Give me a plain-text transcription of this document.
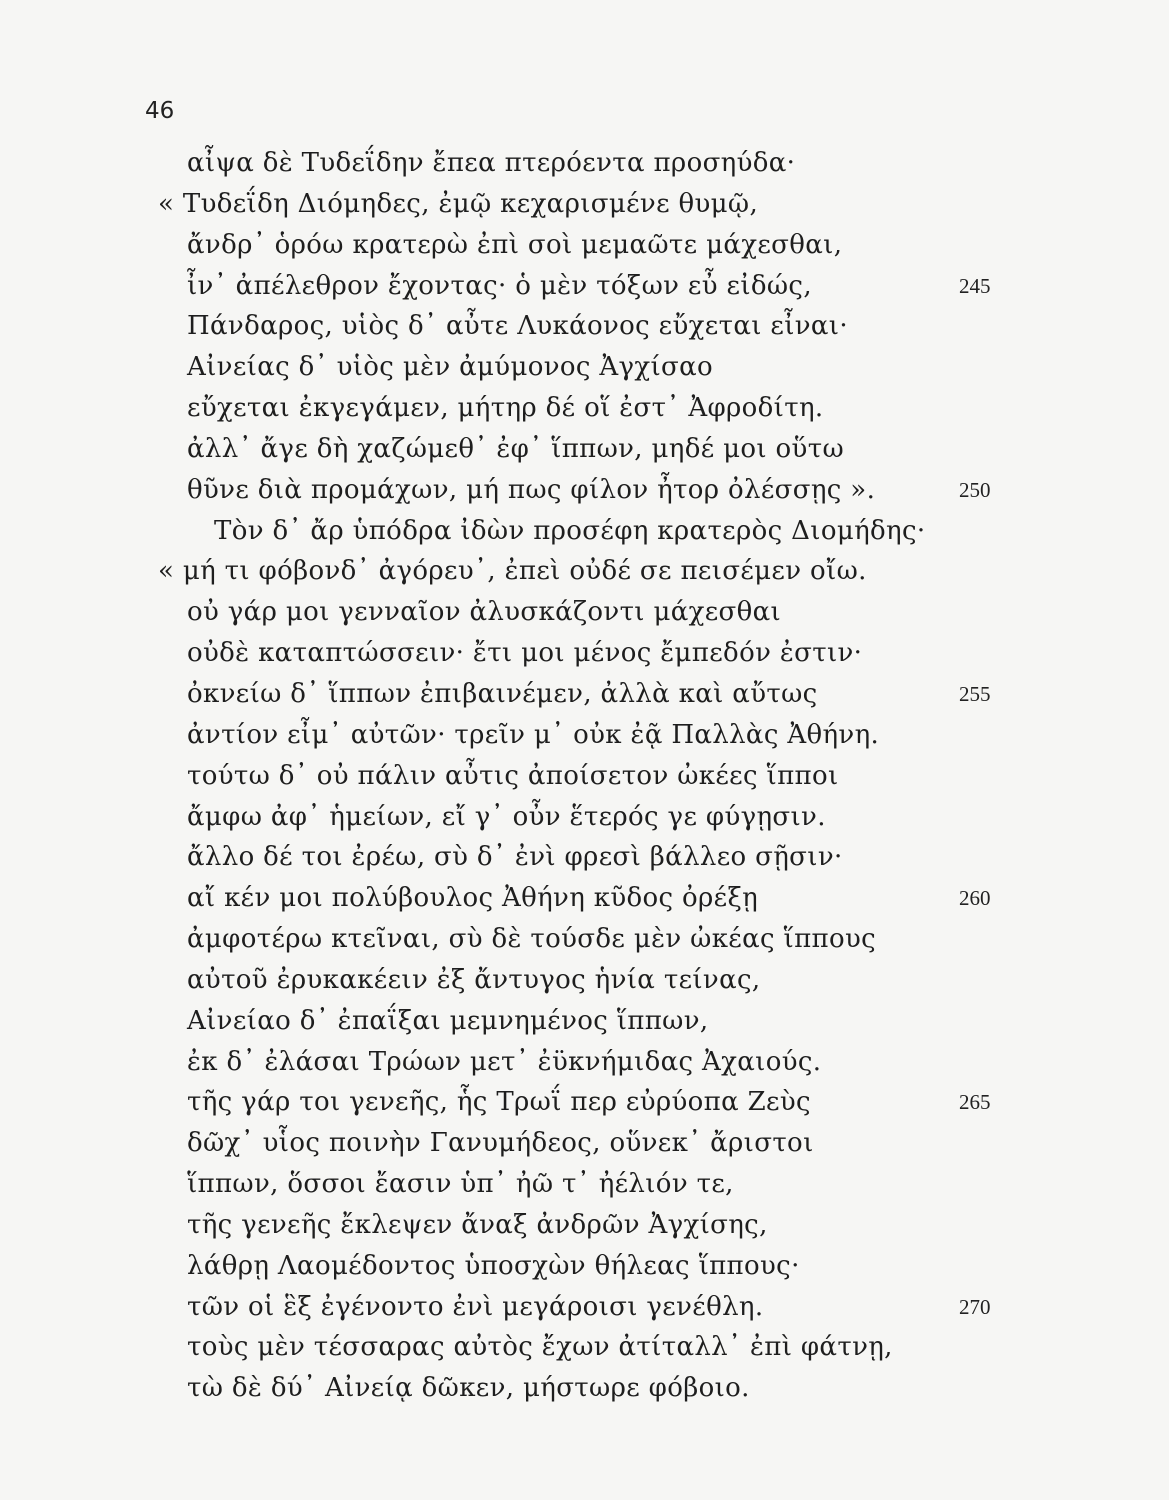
46
αἶψα δὲ Τυδεΐδην ἔπεα πτερόεντα προσηύδα·
« Τυδεΐδη Διόμηδες, ἐμῷ κεχαρισμένε θυμῷ,
ἄνδρ᾽ ὁρόω κρατερὼ ἐπὶ σοὶ μεμαῶτε μάχεσθαι,
ἶν᾽ ἀπέλεθρον ἔχοντας· ὁ μὲν τόξων εὖ εἰδώς,	245
Πάνδαρος, υἱὸς δ᾽ αὖτε Λυκάονος εὔχεται εἶναι·
Αἰνείας δ᾽ υἱὸς μὲν ἀμύμονος Ἀγχίσαο
εὔχεται ἐκγεγάμεν, μήτηρ δέ οἵ ἐστ᾽ Ἀφροδίτη.
ἀλλ᾽ ἄγε δὴ χαζώμεθ᾽ ἐφ᾽ ἵππων, μηδέ μοι οὕτω
θῦνε διὰ προμάχων, μή πως φίλον ἦτορ ὀλέσσῃς ».	250
Τὸν δ᾽ ἄρ ὑπόδρα ἰδὼν προσέφη κρατερὸς Διομήδης·
« μή τι φόβονδ᾽ ἀγόρευ᾽, ἐπεὶ οὐδέ σε πεισέμεν οἴω.
οὐ γάρ μοι γενναῖον ἀλυσκάζοντι μάχεσθαι
οὐδὲ καταπτώσσειν· ἔτι μοι μένος ἔμπεδόν ἐστιν·
ὀκνείω δ᾽ ἵππων ἐπιβαινέμεν, ἀλλὰ καὶ αὔτως	255
ἀντίον εἶμ᾽ αὐτῶν· τρεῖν μ᾽ οὐκ ἐᾷ Παλλὰς Ἀθήνη.
τούτω δ᾽ οὐ πάλιν αὖτις ἀποίσετον ὠκέες ἵπποι
ἄμφω ἀφ᾽ ἡμείων, εἴ γ᾽ οὖν ἕτερός γε φύγῃσιν.
ἄλλο δέ τοι ἐρέω, σὺ δ᾽ ἐνὶ φρεσὶ βάλλεο σῇσιν·
αἴ κέν μοι πολύβουλος Ἀθήνη κῦδος ὀρέξῃ	260
ἀμφοτέρω κτεῖναι, σὺ δὲ τούσδε μὲν ὠκέας ἵππους
αὐτοῦ ἐρυκακέειν ἐξ ἄντυγος ἡνία τείνας,
Αἰνείαο δ᾽ ἐπαΐξαι μεμνημένος ἵππων,
ἐκ δ᾽ ἐλάσαι Τρώων μετ᾽ ἐϋκνήμιδας Ἀχαιούς.
τῆς γάρ τοι γενεῆς, ἧς Τρωΐ περ εὐρύοπα Ζεὺς	265
δῶχ᾽ υἷος ποινὴν Γανυμήδεος, οὕνεκ᾽ ἄριστοι
ἵππων, ὅσσοι ἔασιν ὑπ᾽ ἠῶ τ᾽ ἠέλιόν τε,
τῆς γενεῆς ἔκλεψεν ἄναξ ἀνδρῶν Ἀγχίσης,
λάθρῃ Λαομέδοντος ὑποσχὼν θήλεας ἵππους·
τῶν οἱ ἓξ ἐγένοντο ἐνὶ μεγάροισι γενέθλη.	270
τοὺς μὲν τέσσαρας αὐτὸς ἔχων ἀτίταλλ᾽ ἐπὶ φάτνῃ,
τὼ δὲ δύ᾽ Αἰνείᾳ δῶκεν, μήστωρε φόβοιο.
